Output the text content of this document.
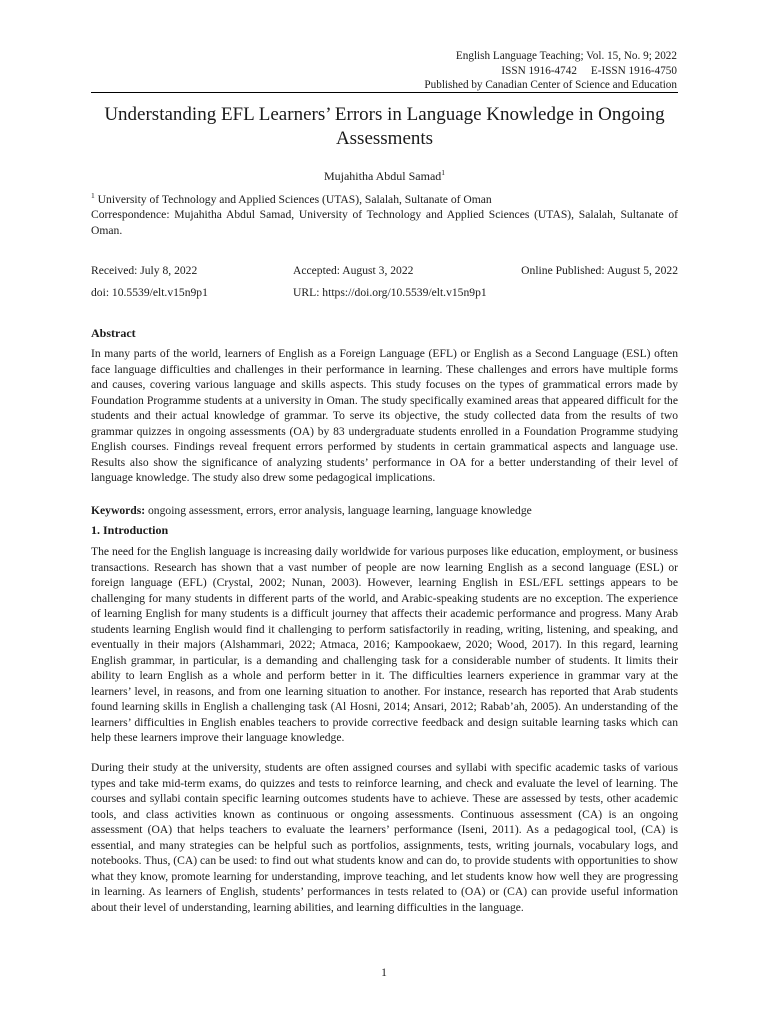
English Language Teaching; Vol. 15, No. 9; 2022
ISSN 1916-4742     E-ISSN 1916-4750
Published by Canadian Center of Science and Education
Understanding EFL Learners’ Errors in Language Knowledge in Ongoing Assessments
Mujahitha Abdul Samad$^1$
$^1$ University of Technology and Applied Sciences (UTAS), Salalah, Sultanate of Oman
Correspondence: Mujahitha Abdul Samad, University of Technology and Applied Sciences (UTAS), Salalah, Sultanate of Oman.
Received: July 8, 2022	Accepted: August 3, 2022	Online Published: August 5, 2022
doi: 10.5539/elt.v15n9p1	URL: https://doi.org/10.5539/elt.v15n9p1
Abstract
In many parts of the world, learners of English as a Foreign Language (EFL) or English as a Second Language (ESL) often face language difficulties and challenges in their performance in learning. These challenges and errors have multiple forms and causes, covering various language and skills aspects. This study focuses on the types of grammatical errors made by Foundation Programme students at a university in Oman. The study specifically examined areas that appeared difficult for the students and their actual knowledge of grammar. To serve its objective, the study collected data from the results of two grammar quizzes in ongoing assessments (OA) by 83 undergraduate students enrolled in a Foundation Programme studying English courses. Findings reveal frequent errors performed by students in certain grammatical aspects and language use. Results also show the significance of analyzing students’ performance in OA for a better understanding of their level of language knowledge. The study also drew some pedagogical implications.
Keywords: ongoing assessment, errors, error analysis, language learning, language knowledge
1. Introduction
The need for the English language is increasing daily worldwide for various purposes like education, employment, or business transactions. Research has shown that a vast number of people are now learning English as a second language (ESL) or foreign language (EFL) (Crystal, 2002; Nunan, 2003). However, learning English in ESL/EFL settings appears to be challenging for many students in different parts of the world, and Arabic-speaking students are no exception. The experience of learning English for many students is a difficult journey that affects their academic performance and progress. Many Arab students learning English would find it challenging to perform satisfactorily in reading, writing, listening, and speaking, and eventually in their majors (Alshammari, 2022; Atmaca, 2016; Kampookaew, 2020; Wood, 2017). In this regard, learning English grammar, in particular, is a demanding and challenging task for a considerable number of students. It limits their ability to learn English as a whole and perform better in it. The difficulties learners experience in grammar vary at the learners’ level, in reasons, and from one learning situation to another. For instance, research has reported that Arab students found learning skills in English a challenging task (Al Hosni, 2014; Ansari, 2012; Rabab’ah, 2005). An understanding of the learners’ difficulties in English enables teachers to provide corrective feedback and design suitable learning tasks which can help these learners improve their language knowledge.
During their study at the university, students are often assigned courses and syllabi with specific academic tasks of various types and take mid-term exams, do quizzes and tests to reinforce learning, and check and evaluate the level of learning. The courses and syllabi contain specific learning outcomes students have to achieve. These are assessed by tests, other academic tools, and class activities known as continuous or ongoing assessments. Continuous assessment (CA) is an ongoing assessment (OA) that helps teachers to evaluate the learners’ performance (Iseni, 2011). As a pedagogical tool, (CA) is essential, and many strategies can be helpful such as portfolios, assignments, tests, writing journals, vocabulary logs, and notebooks. Thus, (CA) can be used: to find out what students know and can do, to provide students with opportunities to show what they know, promote learning for understanding, improve teaching, and let students know how well they are progressing in learning. As learners of English, students’ performances in tests related to (OA) or (CA) can provide useful information about their level of understanding, learning abilities, and learning difficulties in the language.
1
